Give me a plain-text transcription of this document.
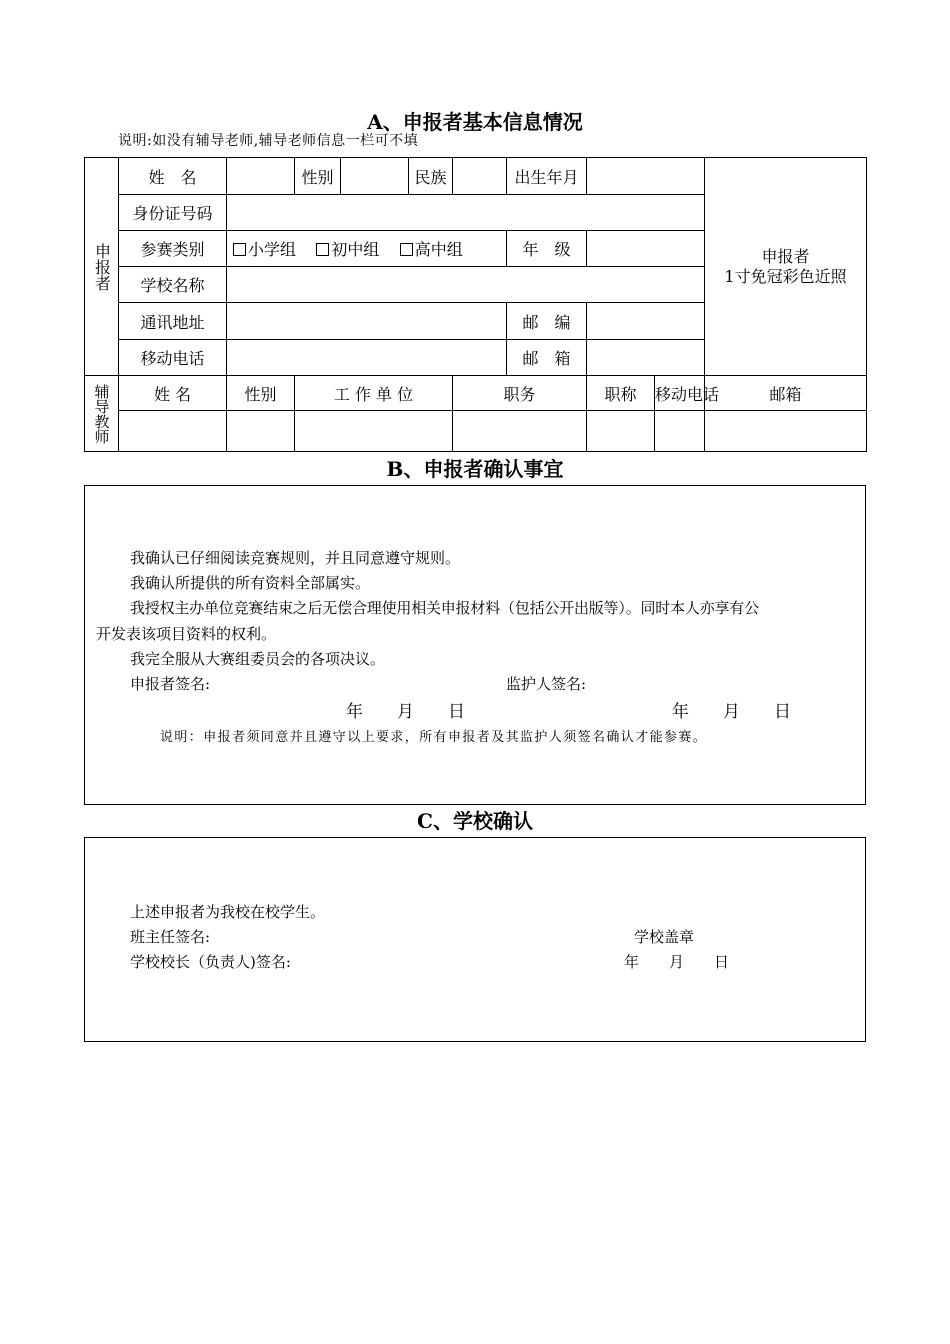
A、申报者基本信息情况
说明:如没有辅导老师,辅导老师信息一栏可不填
申报者	姓　名		性别		民族		出生年月			申报者
1寸免冠彩色近照

	身份证号码									
	参赛类别	小学组 初中组 高中组					年　级			
	学校名称									
	通讯地址						邮　编			
	移动电话						邮　箱			

辅导教师	姓 名	性别	工 作 单 位			职务		职称	移动电话	邮箱

B、申报者确认事宜
我确认已仔细阅读竞赛规则，并且同意遵守规则。
我确认所提供的所有资料全部属实。
我授权主办单位竞赛结束之后无偿合理使用相关申报材料（包括公开出版等）。同时本人亦享有公
开发表该项目资料的权利。
我完全服从大赛组委员会的各项决议。
申报者签名:	监护人签名:
年　　月　　日	年　　月　　日
说明：申报者须同意并且遵守以上要求，所有申报者及其监护人须签名确认才能参赛。
C、学校确认
上述申报者为我校在校学生。
班主任签名:	学校盖章
学校校长（负责人)签名:	年　　月　　日
